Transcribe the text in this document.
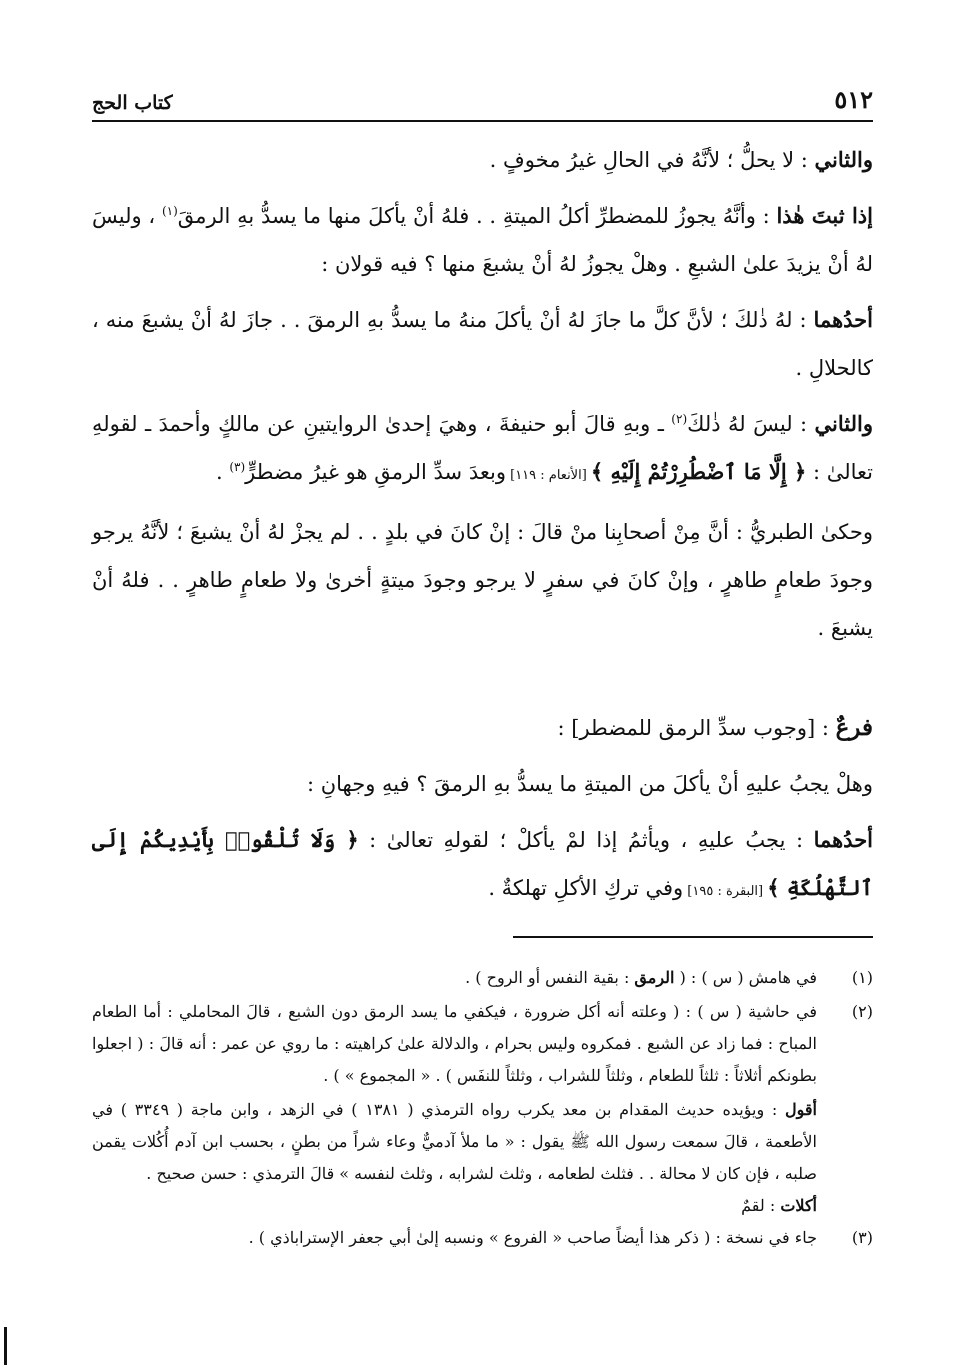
٥١٢
كتاب الحج

والثاني : لا يحلُّ ؛ لأنَّهُ في الحالِ غيرُ مخوفٍ .

إذا ثبتَ هٰذا : وأنَّهُ يجوزُ للمضطرِّ أكلُ الميتةِ . . فلهُ أنْ يأكلَ منها ما يسدُّ بهِ الرمقَ$^{(١)}$ ، وليسَ لهُ أنْ يزيدَ علىٰ الشبعِ . وهلْ يجوزُ لهُ أنْ يشبعَ منها ؟ فيه قولان :

أحدُهما : لهُ ذٰلكَ ؛ لأنَّ كلَّ ما جازَ لهُ أنْ يأكلَ منهُ ما يسدُّ بهِ الرمقَ . . جازَ لهُ أنْ يشبعَ منه ، كالحلالِ .

والثاني : ليسَ لهُ ذٰلكَ$^{(٢)}$ ـ وبهِ قالَ أبو حنيفةَ ، وهيَ إحدىٰ الروايتينِ عن مالكٍ وأحمدَ ـ لقولهِ تعالىٰ : ﴿ إِلَّا مَا ٱضْطُرِرْتُمْ إِلَيْهِ ﴾ [الأنعام : ١١٩] وبعدَ سدِّ الرمقِ هو غيرُ مضطرٍّ$^{(٣)}$ .

وحكىٰ الطبريُّ : أنَّ مِنْ أصحابِنا منْ قالَ : إنْ كانَ في بلدٍ . . لم يجزْ لهُ أنْ يشبعَ ؛ لأنَّهُ يرجو وجودَ طعامٍ طاهرٍ ، وإنْ كانَ في سفرٍ لا يرجو وجودَ ميتةٍ أخرىٰ ولا طعامٍ طاهرٍ . . فلهُ أنْ يشبعَ .

فرعٌ : [وجوب سدِّ الرمق للمضطر] :

وهلْ يجبُ عليهِ أنْ يأكلَ من الميتةِ ما يسدُّ بهِ الرمقَ ؟ فيهِ وجهانِ :

أحدُهما : يجبُ عليهِ ، ويأثمُ إذا لمْ يأكلْ ؛ لقولهِ تعالىٰ : ﴿ وَلَا تُلْقُوا۟ بِأَيْدِيكُمْ إِلَى ٱلتَّهْلُكَةِ ﴾ [البقرة : ١٩٥] وفي تركِ الأكلِ تهلكةٌ .

(١)
في هامش ( س ) : ( الرمق : بقية النفس أو الروح ) .
(٢)
في حاشية ( س ) : ( وعلته أنه أكل ضرورة ، فيكفي ما يسد الرمق دون الشبع ، قالَ المحاملي : أما الطعام المباح : فما زاد عن الشبع . فمكروه وليس بحرام ، والدلالة علىٰ كراهيته : ما روي عن عمر : أنه قالَ : ( اجعلوا بطونكم أثلاثاً : ثلثاً للطعام ، وثلثاً للشراب ، وثلثاً للنفَس ) . « المجموع » ) .
أقول : ويؤيده حديث المقدام بن معد يكرب رواه الترمذي ( ١٣٨١ ) في الزهد ، وابن ماجة ( ٣٣٤٩ ) في الأطعمة ، قالَ سمعت رسول الله ﷺ يقول : « ما ملأ آدميٌّ وعاء شراً من بطنٍ ، بحسب ابن آدم أُكُلات يقمن صلبه ، فإن كان لا محالة . . فثلث لطعامه ، وثلث لشرابه ، وثلث لنفسه » قالَ الترمذي : حسن صحيح .
أكلات : لقمٌ
(٣)
جاء في نسخة : ( ذكر هذا أيضاً صاحب « الفروع » ونسبه إلىٰ أبي جعفر الإستراباذي ) .
